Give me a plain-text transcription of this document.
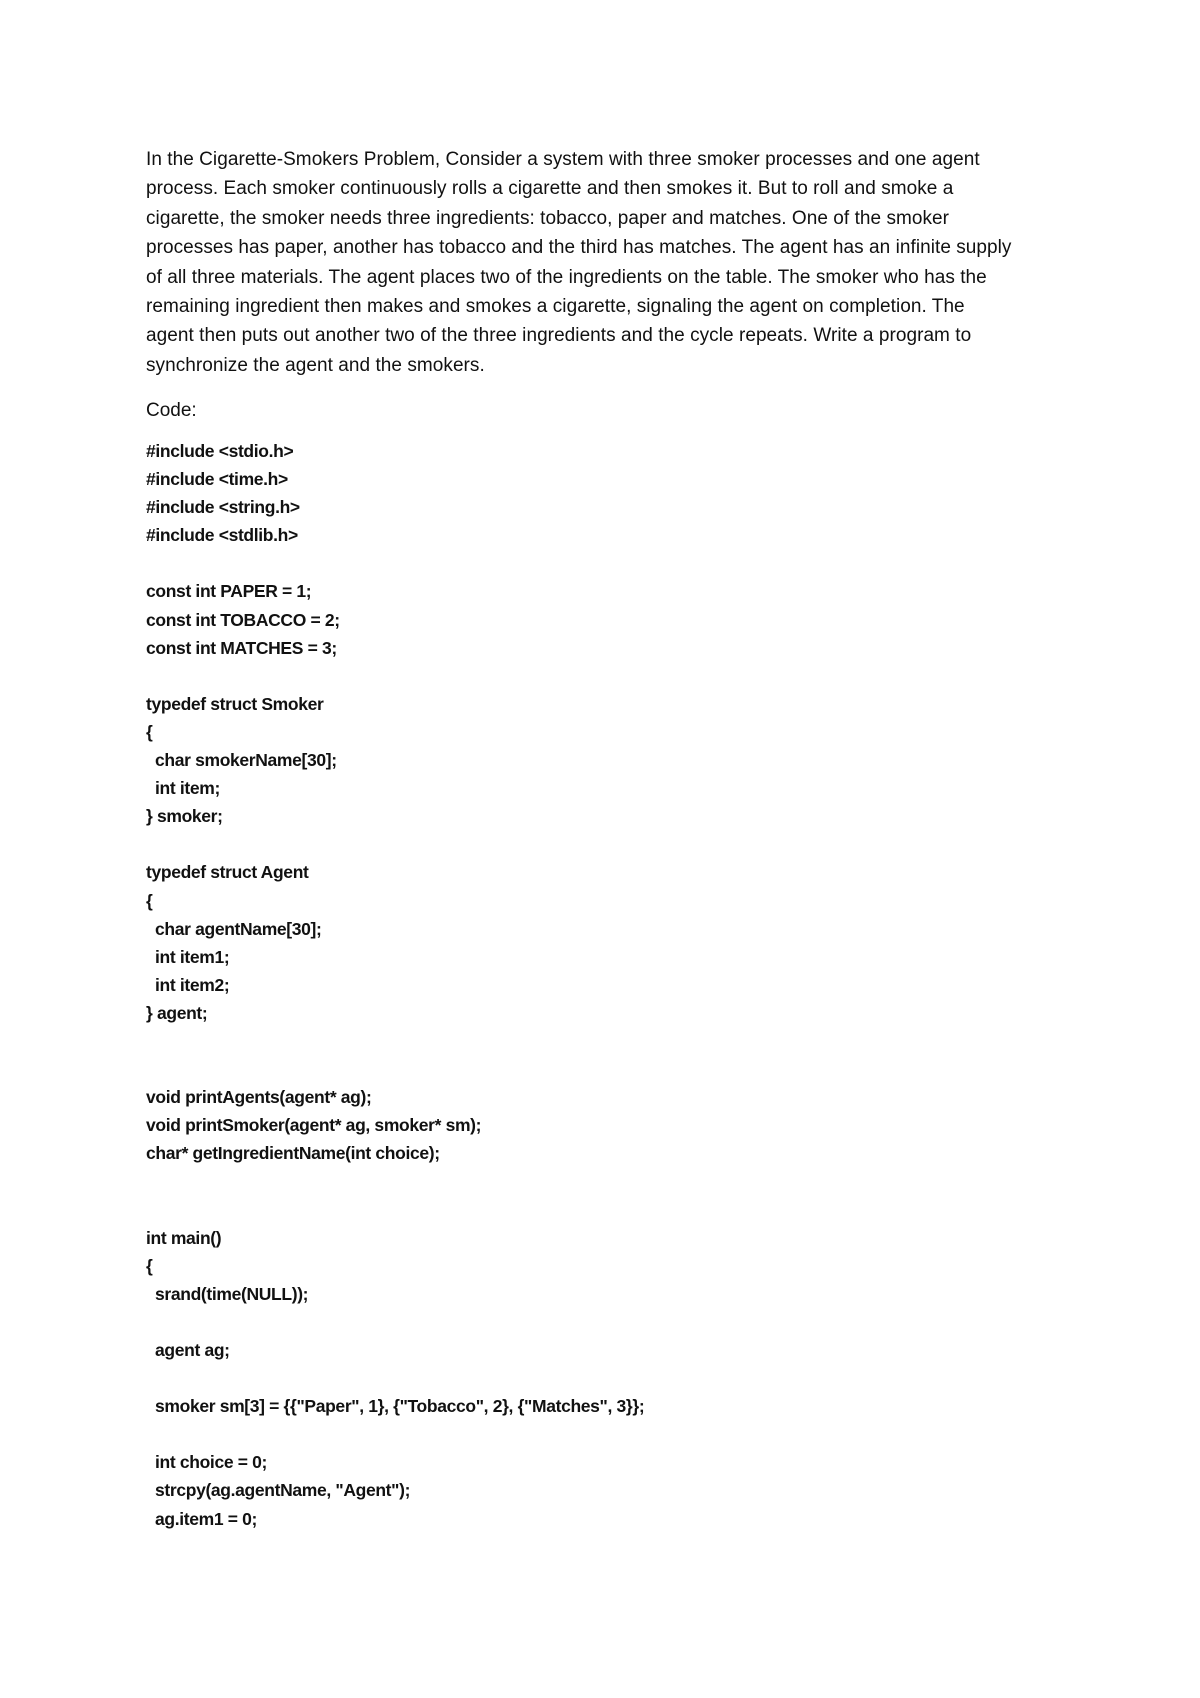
In the Cigarette-Smokers Problem, Consider a system with three smoker processes and one agent

process. Each smoker continuously rolls a cigarette and then smokes it. But to roll and smoke a

cigarette, the smoker needs three ingredients: tobacco, paper and matches. One of the smoker

processes has paper, another has tobacco and the third has matches. The agent has an infinite supply

of all three materials. The agent places two of the ingredients on the table. The smoker who has the

remaining ingredient then makes and smokes a cigarette, signaling the agent on completion. The

agent then puts out another two of the three ingredients and the cycle repeats. Write a program to

synchronize the agent and the smokers.

Code:

#include <stdio.h>
#include <time.h>
#include <string.h>
#include <stdlib.h>
const int PAPER = 1;
const int TOBACCO = 2;
const int MATCHES = 3;
typedef struct Smoker
{
char smokerName[30];
int item;
} smoker;
typedef struct Agent
{
char agentName[30];
int item1;
int item2;
} agent;
void printAgents(agent* ag);
void printSmoker(agent* ag, smoker* sm);
char* getIngredientName(int choice);
int main()
{
srand(time(NULL));
agent ag;
smoker sm[3] = {{"Paper", 1}, {"Tobacco", 2}, {"Matches", 3}};
int choice = 0;
strcpy(ag.agentName, "Agent");
ag.item1 = 0;
